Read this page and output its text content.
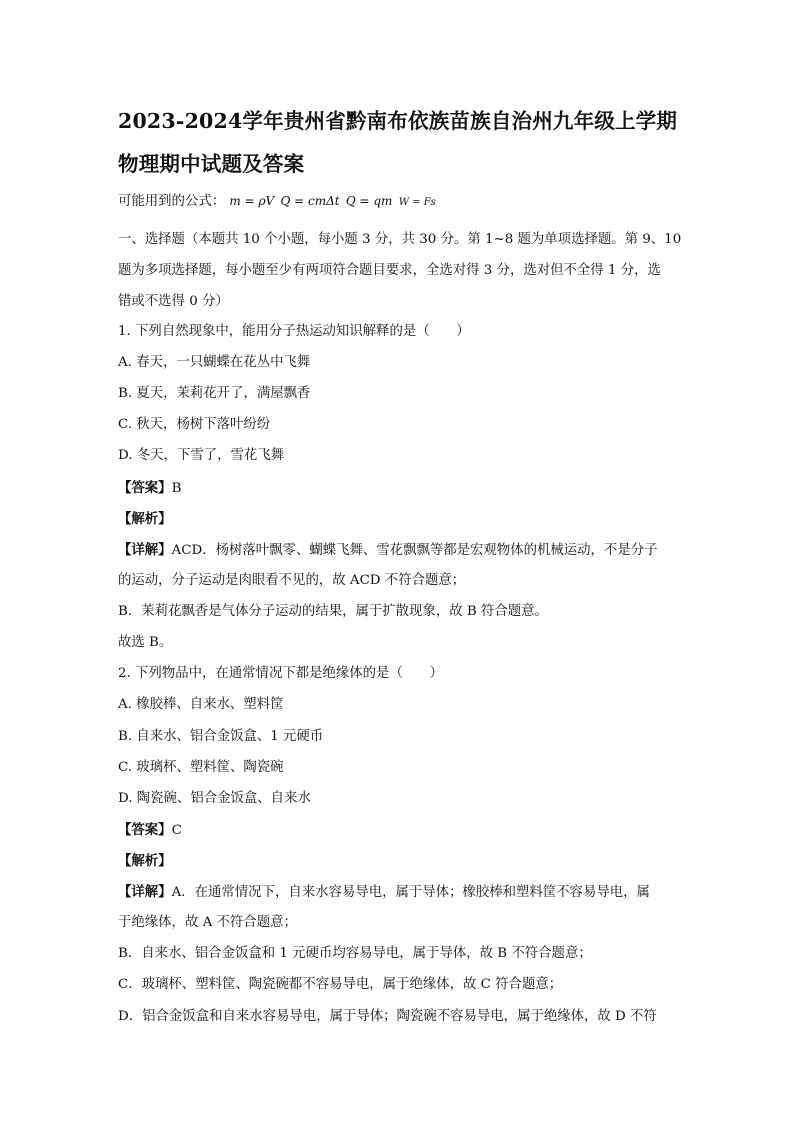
2023-2024学年贵州省黔南布依族苗族自治州九年级上学期
物理期中试题及答案
可能用到的公式： m = ρV Q = cmΔt Q = qm W = Fs
一、选择题（本题共 10 个小题，每小题 3 分，共 30 分。第 1~8 题为单项选择题。第 9、10
题为多项选择题，每小题至少有两项符合题目要求，全选对得 3 分，选对但不全得 1 分，选
错或不选得 0 分）
1. 下列自然现象中，能用分子热运动知识解释的是（　　）
A. 春天，一只蝴蝶在花丛中飞舞
B. 夏天，茉莉花开了，满屋飘香
C. 秋天，杨树下落叶纷纷
D. 冬天，下雪了，雪花飞舞
【答案】B
【解析】
【详解】ACD．杨树落叶飘零、蝴蝶飞舞、雪花飘飘等都是宏观物体的机械运动，不是分子
的运动，分子运动是肉眼看不见的，故 ACD 不符合题意；
B．茉莉花飘香是气体分子运动的结果，属于扩散现象，故 B 符合题意。
故选 B。
2. 下列物品中，在通常情况下都是绝缘体的是（　　）
A. 橡胶棒、自来水、塑料筐
B. 自来水、铝合金饭盒、1 元硬币
C. 玻璃杯、塑料筐、陶瓷碗
D. 陶瓷碗、铝合金饭盒、自来水
【答案】C
【解析】
【详解】A．在通常情况下，自来水容易导电，属于导体；橡胶棒和塑料筐不容易导电，属
于绝缘体，故 A 不符合题意；
B．自来水、铝合金饭盒和 1 元硬币均容易导电，属于导体，故 B 不符合题意；
C．玻璃杯、塑料筐、陶瓷碗都不容易导电，属于绝缘体，故 C 符合题意；
D．铝合金饭盒和自来水容易导电，属于导体；陶瓷碗不容易导电，属于绝缘体，故 D 不符
